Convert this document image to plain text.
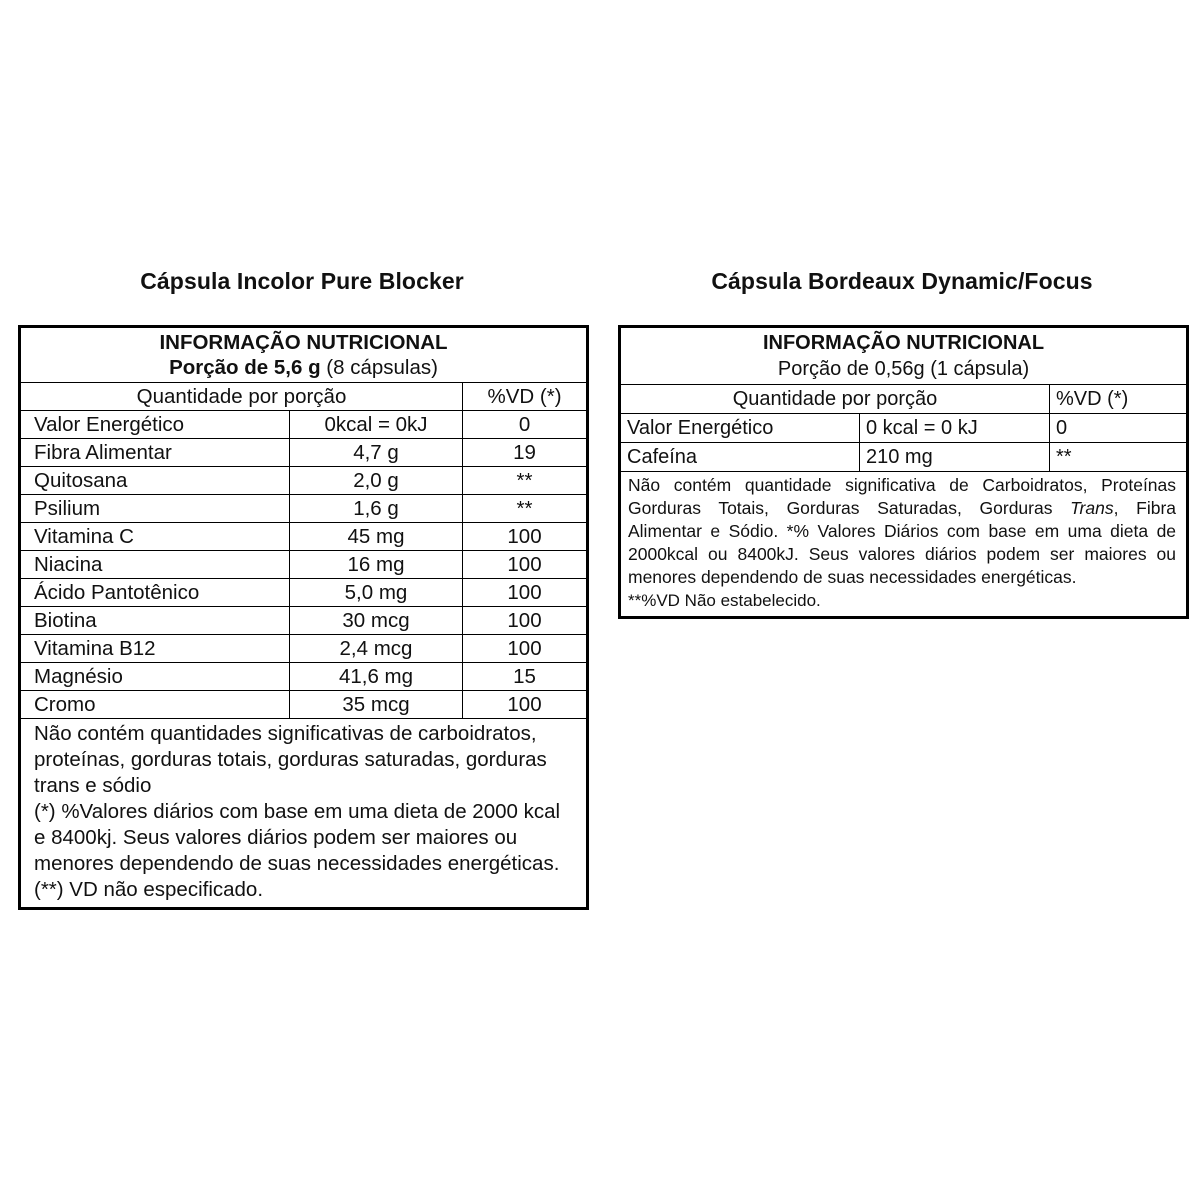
Cápsula Incolor Pure Blocker	Cápsula Bordeaux Dynamic/Focus
INFORMAÇÃO NUTRICIONAL
Porção de 5,6 g (8 cápsulas)		

Quantidade por porção		%VD (*)
Valor Energético	0kcal = 0kJ	0
Fibra Alimentar	4,7 g	19
Quitosana	2,0 g	**
Psilium	1,6 g	**
Vitamina C	45 mg	100
Niacina	16 mg	100
Ácido Pantotênico	5,0 mg	100
Biotina	30 mcg	100
Vitamina B12	2,4 mcg	100
Magnésio	41,6 mg	15
Cromo	35 mcg	100

Não contém quantidades significativas de carboidratos, proteínas, gorduras totais, gorduras saturadas, gorduras trans e sódio

(*) %Valores diários com base em uma dieta de 2000 kcal e 8400kj. Seus valores diários podem ser maiores ou menores dependendo de suas necessidades energéticas.

(**) VD não especificado.		

INFORMAÇÃO NUTRICIONAL
Porção de 0,56g (1 cápsula)		

Quantidade por porção		%VD (*)
Valor Energético	0 kcal = 0 kJ	0
Cafeína	210 mg	**

Não contém quantidade significativa de Carboidratos, Proteínas Gorduras Totais, Gorduras Saturadas, Gorduras Trans, Fibra Alimentar e Sódio. *% Valores Diários com base em uma dieta de 2000kcal ou 8400kJ. Seus valores diários podem ser maiores ou menores dependendo de suas necessidades energéticas.

**%VD Não estabelecido.		
